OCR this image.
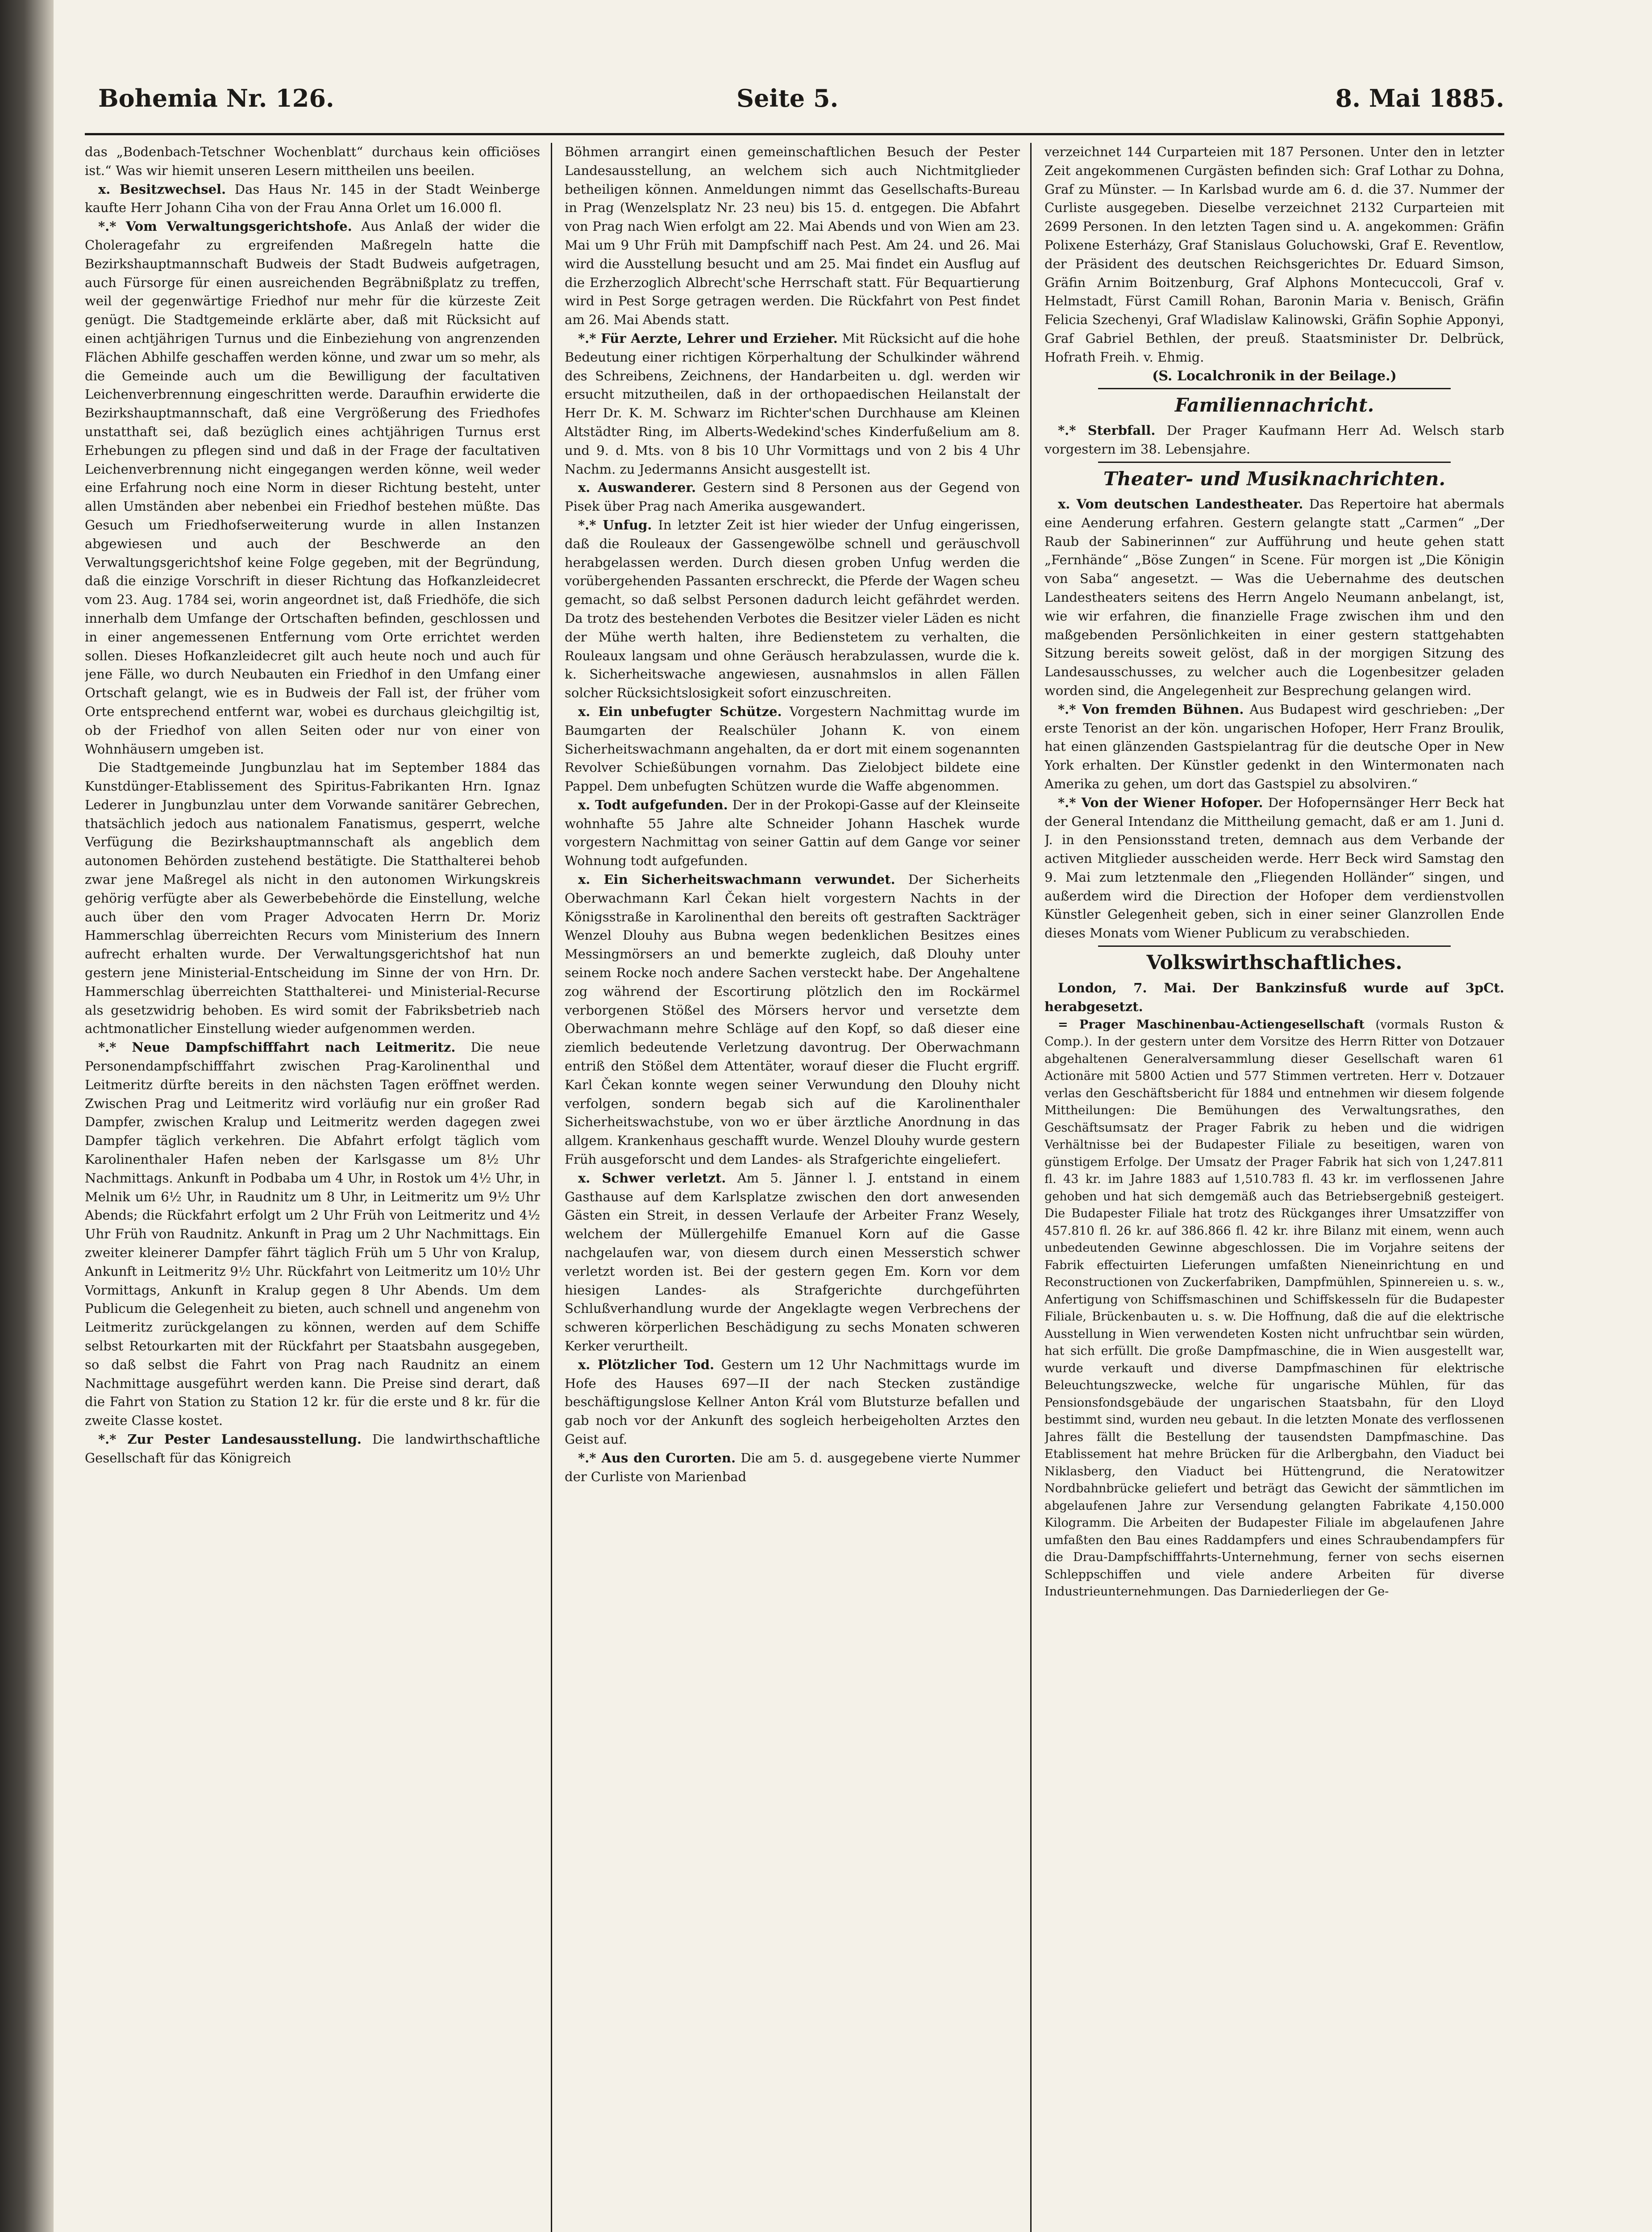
Bohemia Nr. 126.	Seite 5.	8. Mai 1885.

das „Bodenbach-Tetschner Wochenblatt“ durchaus kein officiöses ist.“ Was wir hiemit unseren Lesern mittheilen uns beeilen.

x. Besitzwechsel. Das Haus Nr. 145 in der Stadt Weinberge kaufte Herr Johann Ciha von der Frau Anna Orlet um 16.000 fl.

*.* Vom Verwaltungsgerichtshofe. Aus Anlaß der wider die Choleragefahr zu ergreifenden Maßregeln hatte die Bezirkshauptmannschaft Budweis der Stadt Budweis aufgetragen, auch Fürsorge für einen ausreichenden Begräbnißplatz zu treffen, weil der gegenwärtige Friedhof nur mehr für die kürzeste Zeit genügt. Die Stadtgemeinde erklärte aber, daß mit Rücksicht auf einen achtjährigen Turnus und die Einbeziehung von angrenzenden Flächen Abhilfe geschaffen werden könne, und zwar um so mehr, als die Gemeinde auch um die Bewilligung der facultativen Leichenverbrennung eingeschritten werde. Daraufhin erwiderte die Bezirkshauptmannschaft, daß eine Vergrößerung des Friedhofes unstatthaft sei, daß bezüglich eines achtjährigen Turnus erst Erhebungen zu pflegen sind und daß in der Frage der facultativen Leichenverbrennung nicht eingegangen werden könne, weil weder eine Erfahrung noch eine Norm in dieser Richtung besteht, unter allen Umständen aber nebenbei ein Friedhof bestehen müßte. Das Gesuch um Friedhofserweiterung wurde in allen Instanzen abgewiesen und auch der Beschwerde an den Verwaltungsgerichtshof keine Folge gegeben, mit der Begründung, daß die einzige Vorschrift in dieser Richtung das Hofkanzleidecret vom 23. Aug. 1784 sei, worin angeordnet ist, daß Friedhöfe, die sich innerhalb dem Umfange der Ortschaften befinden, geschlossen und in einer angemessenen Entfernung vom Orte errichtet werden sollen. Dieses Hofkanzleidecret gilt auch heute noch und auch für jene Fälle, wo durch Neubauten ein Friedhof in den Umfang einer Ortschaft gelangt, wie es in Budweis der Fall ist, der früher vom Orte entsprechend entfernt war, wobei es durchaus gleichgiltig ist, ob der Friedhof von allen Seiten oder nur von einer von Wohnhäusern umgeben ist.

Die Stadtgemeinde Jungbunzlau hat im September 1884 das Kunstdünger-Etablissement des Spiritus-Fabrikanten Hrn. Ignaz Lederer in Jungbunzlau unter dem Vorwande sanitärer Gebrechen, thatsächlich jedoch aus nationalem Fanatismus, gesperrt, welche Verfügung die Bezirkshauptmannschaft als angeblich dem autonomen Behörden zustehend bestätigte. Die Statthalterei behob zwar jene Maßregel als nicht in den autonomen Wirkungskreis gehörig verfügte aber als Gewerbebehörde die Einstellung, welche auch über den vom Prager Advocaten Herrn Dr. Moriz Hammerschlag überreichten Recurs vom Ministerium des Innern aufrecht erhalten wurde. Der Verwaltungsgerichtshof hat nun gestern jene Ministerial-Entscheidung im Sinne der von Hrn. Dr. Hammerschlag überreichten Statthalterei- und Ministerial-Recurse als gesetzwidrig behoben. Es wird somit der Fabriksbetrieb nach achtmonatlicher Einstellung wieder aufgenommen werden.

*.* Neue Dampfschifffahrt nach Leitmeritz. Die neue Personendampfschifffahrt zwischen Prag-Karolinenthal und Leitmeritz dürfte bereits in den nächsten Tagen eröffnet werden. Zwischen Prag und Leitmeritz wird vorläufig nur ein großer Rad Dampfer, zwischen Kralup und Leitmeritz werden dagegen zwei Dampfer täglich verkehren. Die Abfahrt erfolgt täglich vom Karolinenthaler Hafen neben der Karlsgasse um 8½ Uhr Nachmittags. Ankunft in Podbaba um 4 Uhr, in Rostok um 4½ Uhr, in Melnik um 6½ Uhr, in Raudnitz um 8 Uhr, in Leitmeritz um 9½ Uhr Abends; die Rückfahrt erfolgt um 2 Uhr Früh von Leitmeritz und 4½ Uhr Früh von Raudnitz. Ankunft in Prag um 2 Uhr Nachmittags. Ein zweiter kleinerer Dampfer fährt täglich Früh um 5 Uhr von Kralup, Ankunft in Leitmeritz 9½ Uhr. Rückfahrt von Leitmeritz um 10½ Uhr Vormittags, Ankunft in Kralup gegen 8 Uhr Abends. Um dem Publicum die Gelegenheit zu bieten, auch schnell und angenehm von Leitmeritz zurückgelangen zu können, werden auf dem Schiffe selbst Retourkarten mit der Rückfahrt per Staatsbahn ausgegeben, so daß selbst die Fahrt von Prag nach Raudnitz an einem Nachmittage ausgeführt werden kann. Die Preise sind derart, daß die Fahrt von Station zu Station 12 kr. für die erste und 8 kr. für die zweite Classe kostet.

*.* Zur Pester Landesausstellung. Die landwirthschaftliche Gesellschaft für das Königreich

Böhmen arrangirt einen gemeinschaftlichen Besuch der Pester Landesausstellung, an welchem sich auch Nichtmitglieder betheiligen können. Anmeldungen nimmt das Gesellschafts-Bureau in Prag (Wenzelsplatz Nr. 23 neu) bis 15. d. entgegen. Die Abfahrt von Prag nach Wien erfolgt am 22. Mai Abends und von Wien am 23. Mai um 9 Uhr Früh mit Dampfschiff nach Pest. Am 24. und 26. Mai wird die Ausstellung besucht und am 25. Mai findet ein Ausflug auf die Erzherzoglich Albrecht'sche Herrschaft statt. Für Bequartierung wird in Pest Sorge getragen werden. Die Rückfahrt von Pest findet am 26. Mai Abends statt.

*.* Für Aerzte, Lehrer und Erzieher. Mit Rücksicht auf die hohe Bedeutung einer richtigen Körperhaltung der Schulkinder während des Schreibens, Zeichnens, der Handarbeiten u. dgl. werden wir ersucht mitzutheilen, daß in der orthopaedischen Heilanstalt der Herr Dr. K. M. Schwarz im Richter'schen Durchhause am Kleinen Altstädter Ring, im Alberts-Wedekind'sches Kinderfußelium am 8. und 9. d. Mts. von 8 bis 10 Uhr Vormittags und von 2 bis 4 Uhr Nachm. zu Jedermanns Ansicht ausgestellt ist.

x. Auswanderer. Gestern sind 8 Personen aus der Gegend von Pisek über Prag nach Amerika ausgewandert.

*.* Unfug. In letzter Zeit ist hier wieder der Unfug eingerissen, daß die Rouleaux der Gassengewölbe schnell und geräuschvoll herabgelassen werden. Durch diesen groben Unfug werden die vorübergehenden Passanten erschreckt, die Pferde der Wagen scheu gemacht, so daß selbst Personen dadurch leicht gefährdet werden. Da trotz des bestehenden Verbotes die Besitzer vieler Läden es nicht der Mühe werth halten, ihre Bedienstetem zu verhalten, die Rouleaux langsam und ohne Geräusch herabzulassen, wurde die k. k. Sicherheitswache angewiesen, ausnahmslos in allen Fällen solcher Rücksichtslosigkeit sofort einzuschreiten.

x. Ein unbefugter Schütze. Vorgestern Nachmittag wurde im Baumgarten der Realschüler Johann K. von einem Sicherheitswachmann angehalten, da er dort mit einem sogenannten Revolver Schießübungen vornahm. Das Zielobject bildete eine Pappel. Dem unbefugten Schützen wurde die Waffe abgenommen.

x. Todt aufgefunden. Der in der Prokopi-Gasse auf der Kleinseite wohnhafte 55 Jahre alte Schneider Johann Haschek wurde vorgestern Nachmittag von seiner Gattin auf dem Gange vor seiner Wohnung todt aufgefunden.

x. Ein Sicherheitswachmann verwundet. Der Sicherheits Oberwachmann Karl Čekan hielt vorgestern Nachts in der Königsstraße in Karolinenthal den bereits oft gestraften Sackträger Wenzel Dlouhy aus Bubna wegen bedenklichen Besitzes eines Messingmörsers an und bemerkte zugleich, daß Dlouhy unter seinem Rocke noch andere Sachen versteckt habe. Der Angehaltene zog während der Escortirung plötzlich den im Rockärmel verborgenen Stößel des Mörsers hervor und versetzte dem Oberwachmann mehre Schläge auf den Kopf, so daß dieser eine ziemlich bedeutende Verletzung davontrug. Der Oberwachmann entriß den Stößel dem Attentäter, worauf dieser die Flucht ergriff. Karl Čekan konnte wegen seiner Verwundung den Dlouhy nicht verfolgen, sondern begab sich auf die Karolinenthaler Sicherheitswachstube, von wo er über ärztliche Anordnung in das allgem. Krankenhaus geschafft wurde. Wenzel Dlouhy wurde gestern Früh ausgeforscht und dem Landes- als Strafgerichte eingeliefert.

x. Schwer verletzt. Am 5. Jänner l. J. entstand in einem Gasthause auf dem Karlsplatze zwischen den dort anwesenden Gästen ein Streit, in dessen Verlaufe der Arbeiter Franz Wesely, welchem der Müllergehilfe Emanuel Korn auf die Gasse nachgelaufen war, von diesem durch einen Messerstich schwer verletzt worden ist. Bei der gestern gegen Em. Korn vor dem hiesigen Landes- als Strafgerichte durchgeführten Schlußverhandlung wurde der Angeklagte wegen Verbrechens der schweren körperlichen Beschädigung zu sechs Monaten schweren Kerker verurtheilt.

x. Plötzlicher Tod. Gestern um 12 Uhr Nachmittags wurde im Hofe des Hauses 697—II der nach Stecken zuständige beschäftigungslose Kellner Anton Král vom Blutsturze befallen und gab noch vor der Ankunft des sogleich herbeigeholten Arztes den Geist auf.

*.* Aus den Curorten. Die am 5. d. ausgegebene vierte Nummer der Curliste von Marienbad

verzeichnet 144 Curparteien mit 187 Personen. Unter den in letzter Zeit angekommenen Curgästen befinden sich: Graf Lothar zu Dohna, Graf zu Münster. — In Karlsbad wurde am 6. d. die 37. Nummer der Curliste ausgegeben. Dieselbe verzeichnet 2132 Curparteien mit 2699 Personen. In den letzten Tagen sind u. A. angekommen: Gräfin Polixene Esterházy, Graf Stanislaus Goluchowski, Graf E. Reventlow, der Präsident des deutschen Reichsgerichtes Dr. Eduard Simson, Gräfin Arnim Boitzenburg, Graf Alphons Montecuccoli, Graf v. Helmstadt, Fürst Camill Rohan, Baronin Maria v. Benisch, Gräfin Felicia Szechenyi, Graf Wladislaw Kalinowski, Gräfin Sophie Apponyi, Graf Gabriel Bethlen, der preuß. Staatsminister Dr. Delbrück, Hofrath Freih. v. Ehmig.

(S. Localchronik in der Beilage.)

Familiennachricht.

*.* Sterbfall. Der Prager Kaufmann Herr Ad. Welsch starb vorgestern im 38. Lebensjahre.

Theater- und Musiknachrichten.

x. Vom deutschen Landestheater. Das Repertoire hat abermals eine Aenderung erfahren. Gestern gelangte statt „Carmen“ „Der Raub der Sabinerinnen“ zur Aufführung und heute gehen statt „Fernhände“ „Böse Zungen“ in Scene. Für morgen ist „Die Königin von Saba“ angesetzt. — Was die Uebernahme des deutschen Landestheaters seitens des Herrn Angelo Neumann anbelangt, ist, wie wir erfahren, die finanzielle Frage zwischen ihm und den maßgebenden Persönlichkeiten in einer gestern stattgehabten Sitzung bereits soweit gelöst, daß in der morgigen Sitzung des Landesausschusses, zu welcher auch die Logenbesitzer geladen worden sind, die Angelegenheit zur Besprechung gelangen wird.

*.* Von fremden Bühnen. Aus Budapest wird geschrieben: „Der erste Tenorist an der kön. ungarischen Hofoper, Herr Franz Broulik, hat einen glänzenden Gastspielantrag für die deutsche Oper in New York erhalten. Der Künstler gedenkt in den Wintermonaten nach Amerika zu gehen, um dort das Gastspiel zu absolviren.“

*.* Von der Wiener Hofoper. Der Hofopernsänger Herr Beck hat der General Intendanz die Mittheilung gemacht, daß er am 1. Juni d. J. in den Pensionsstand treten, demnach aus dem Verbande der activen Mitglieder ausscheiden werde. Herr Beck wird Samstag den 9. Mai zum letztenmale den „Fliegenden Holländer“ singen, und außerdem wird die Direction der Hofoper dem verdienstvollen Künstler Gelegenheit geben, sich in einer seiner Glanzrollen Ende dieses Monats vom Wiener Publicum zu verabschieden.

Volkswirthschaftliches.

London, 7. Mai. Der Bankzinsfuß wurde auf 3pCt. herabgesetzt.

= Prager Maschinenbau-Actiengesellschaft (vormals Ruston & Comp.). In der gestern unter dem Vorsitze des Herrn Ritter von Dotzauer abgehaltenen Generalversammlung dieser Gesellschaft waren 61 Actionäre mit 5800 Actien und 577 Stimmen vertreten. Herr v. Dotzauer verlas den Geschäftsbericht für 1884 und entnehmen wir diesem folgende Mittheilungen: Die Bemühungen des Verwaltungsrathes, den Geschäftsumsatz der Prager Fabrik zu heben und die widrigen Verhältnisse bei der Budapester Filiale zu beseitigen, waren von günstigem Erfolge. Der Umsatz der Prager Fabrik hat sich von 1,247.811 fl. 43 kr. im Jahre 1883 auf 1,510.783 fl. 43 kr. im verflossenen Jahre gehoben und hat sich demgemäß auch das Betriebsergebniß gesteigert. Die Budapester Filiale hat trotz des Rückganges ihrer Umsatzziffer von 457.810 fl. 26 kr. auf 386.866 fl. 42 kr. ihre Bilanz mit einem, wenn auch unbedeutenden Gewinne abgeschlossen. Die im Vorjahre seitens der Fabrik effectuirten Lieferungen umfaßten Nieneinrichtung en und Reconstructionen von Zuckerfabriken, Dampfmühlen, Spinnereien u. s. w., Anfertigung von Schiffsmaschinen und Schiffskesseln für die Budapester Filiale, Brückenbauten u. s. w. Die Hoffnung, daß die auf die elektrische Ausstellung in Wien verwendeten Kosten nicht unfruchtbar sein würden, hat sich erfüllt. Die große Dampfmaschine, die in Wien ausgestellt war, wurde verkauft und diverse Dampfmaschinen für elektrische Beleuchtungszwecke, welche für ungarische Mühlen, für das Pensionsfondsgebäude der ungarischen Staatsbahn, für den Lloyd bestimmt sind, wurden neu gebaut. In die letzten Monate des verflossenen Jahres fällt die Bestellung der tausendsten Dampfmaschine. Das Etablissement hat mehre Brücken für die Arlbergbahn, den Viaduct bei Niklasberg, den Viaduct bei Hüttengrund, die Neratowitzer Nordbahnbrücke geliefert und beträgt das Gewicht der sämmtlichen im abgelaufenen Jahre zur Versendung gelangten Fabrikate 4,150.000 Kilogramm. Die Arbeiten der Budapester Filiale im abgelaufenen Jahre umfaßten den Bau eines Raddampfers und eines Schraubendampfers für die Drau-Dampfschifffahrts-Unternehmung, ferner von sechs eisernen Schleppschiffen und viele andere Arbeiten für diverse Industrieunternehmungen. Das Darniederliegen der Ge-
